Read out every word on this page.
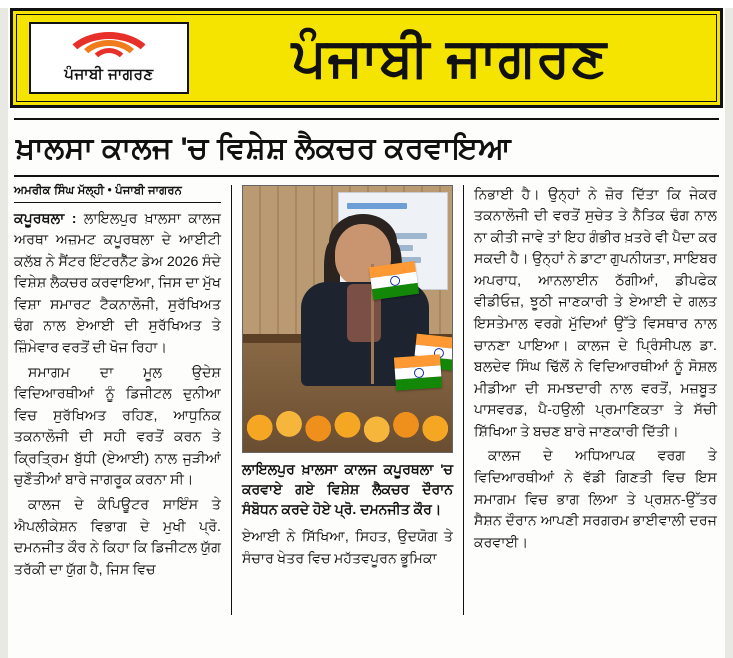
ਪੰਜਾਬੀ ਜਾਗਰਣ	ਪੰਜਾਬੀ ਜਾਗਰਣ
ਖ਼ਾਲਸਾ ਕਾਲਜ 'ਚ ਵਿਸ਼ੇਸ਼ ਲੈਕਚਰ ਕਰਵਾਇਆ
ਅਮਰੀਕ ਸਿੰਘ ਮੱਲ੍ਹੀ • ਪੰਜਾਬੀ ਜਾਗਰਨ

ਕਪੂਰਥਲਾ : ਲਾਇਲਪੁਰ ਖ਼ਾਲਸਾ ਕਾਲਜ ਅਰਥਾ ਅਜ਼ਮਟ ਕਪੂਰਥਲਾ ਦੇ ਆਈਟੀ ਕਲੱਬ ਨੇ ਸੈਂਟਰ ਇੰਟਰਨੈੱਟ ਡੇਅ 2026 ਸੰਦੇ ਵਿਸ਼ੇਸ਼ ਲੈਕਚਰ ਕਰਵਾਇਆ, ਜਿਸ ਦਾ ਮੁੱਖ ਵਿਸ਼ਾ ਸਮਾਰਟ ਟੈਕਨਾਲੋਜੀ, ਸੁਰੱਖਿਅਤ ਢੰਗ ਨਾਲ ਏਆਈ ਦੀ ਸੁਰੱਖਿਅਤ ਤੇ ਜ਼ਿੰਮੇਵਾਰ ਵਰਤੋਂ ਦੀ ਖੋਜ ਰਿਹਾ।

ਸਮਾਗਮ ਦਾ ਮੂਲ ਉਦੇਸ਼ ਵਿਦਿਆਰਥੀਆਂ ਨੂੰ ਡਿਜੀਟਲ ਦੁਨੀਆ ਵਿਚ ਸੁਰੱਖਿਅਤ ਰਹਿਣ, ਆਧੁਨਿਕ ਤਕਨਾਲੋਜੀ ਦੀ ਸਹੀ ਵਰਤੋਂ ਕਰਨ ਤੇ ਕ੍ਰਿਤ੍ਰਿਮ ਬੁੱਧੀ (ਏਆਈ) ਨਾਲ ਜੁੜੀਆਂ ਚੁਣੌਤੀਆਂ ਬਾਰੇ ਜਾਗਰੂਕ ਕਰਨਾ ਸੀ।

ਕਾਲਜ ਦੇ ਕੰਪਿਊਟਰ ਸਾਇੰਸ ਤੇ ਐਪਲੀਕੇਸ਼ਨ ਵਿਭਾਗ ਦੇ ਮੁਖੀ ਪ੍ਰੋ. ਦਮਨਜੀਤ ਕੌਰ ਨੇ ਕਿਹਾ ਕਿ ਡਿਜੀਟਲ ਯੁੱਗ ਤਰੱਕੀ ਦਾ ਯੁੱਗ ਹੈ, ਜਿਸ ਵਿਚ

ਲਾਇਲਪੁਰ ਖ਼ਾਲਸਾ ਕਾਲਜ ਕਪੂਰਥਲਾ 'ਚ ਕਰਵਾਏ ਗਏ ਵਿਸ਼ੇਸ਼ ਲੈਕਚਰ ਦੌਰਾਨ ਸੰਬੋਧਨ ਕਰਦੇ ਹੋਏ ਪ੍ਰੋ. ਦਮਨਜੀਤ ਕੌਰ।

ਏਆਈ ਨੇ ਸਿੱਖਿਆ, ਸਿਹਤ, ਉਦਯੋਗ ਤੇ ਸੰਚਾਰ ਖੇਤਰ ਵਿਚ ਮਹੱਤਵਪੂਰਨ ਭੂਮਿਕਾ

ਨਿਭਾਈ ਹੈ। ਉਨ੍ਹਾਂ ਨੇ ਜ਼ੋਰ ਦਿੱਤਾ ਕਿ ਜੇਕਰ ਤਕਨਾਲੋਜੀ ਦੀ ਵਰਤੋਂ ਸੁਚੇਤ ਤੇ ਨੈਤਿਕ ਢੰਗ ਨਾਲ ਨਾ ਕੀਤੀ ਜਾਵੇ ਤਾਂ ਇਹ ਗੰਭੀਰ ਖ਼ਤਰੇ ਵੀ ਪੈਦਾ ਕਰ ਸਕਦੀ ਹੈ। ਉਨ੍ਹਾਂ ਨੇ ਡਾਟਾ ਗੁਪਨੀਯਤਾ, ਸਾਇਬਰ ਅਪਰਾਧ, ਆਨਲਾਈਨ ਠੱਗੀਆਂ, ਡੀਪਫੇਕ ਵੀਡੀਓਜ਼, ਝੂਠੀ ਜਾਣਕਾਰੀ ਤੇ ਏਆਈ ਦੇ ਗਲਤ ਇਸਤੇਮਾਲ ਵਰਗੇ ਮੁੱਦਿਆਂ ਉੱਤੇ ਵਿਸਥਾਰ ਨਾਲ ਚਾਨਣਾ ਪਾਇਆ। ਕਾਲਜ ਦੇ ਪ੍ਰਿੰਸੀਪਲ ਡਾ. ਬਲਦੇਵ ਸਿੰਘ ਢਿੱਲੋਂ ਨੇ ਵਿਦਿਆਰਥੀਆਂ ਨੂੰ ਸੋਸ਼ਲ ਮੀਡੀਆ ਦੀ ਸਮਝਦਾਰੀ ਨਾਲ ਵਰਤੋਂ, ਮਜ਼ਬੂਤ ਪਾਸਵਰਡ, ਪੈ-ਹਉਲੀ ਪ੍ਰਮਾਣਿਕਤਾ ਤੇ ਸੱਚੀ ਸ਼ਿੱਖਿਆ ਤੇ ਬਚਣ ਬਾਰੇ ਜਾਣਕਾਰੀ ਦਿੱਤੀ।

ਕਾਲਜ ਦੇ ਅਧਿਆਪਕ ਵਰਗ ਤੇ ਵਿਦਿਆਰਥੀਆਂ ਨੇ ਵੱਡੀ ਗਿਣਤੀ ਵਿਚ ਇਸ ਸਮਾਗਮ ਵਿਚ ਭਾਗ ਲਿਆ ਤੇ ਪ੍ਰਸ਼ਨ-ਉੱਤਰ ਸੈਸ਼ਨ ਦੌਰਾਨ ਆਪਣੀ ਸਰਗਰਮ ਭਾਈਵਾਲੀ ਦਰਜ ਕਰਵਾਈ।
